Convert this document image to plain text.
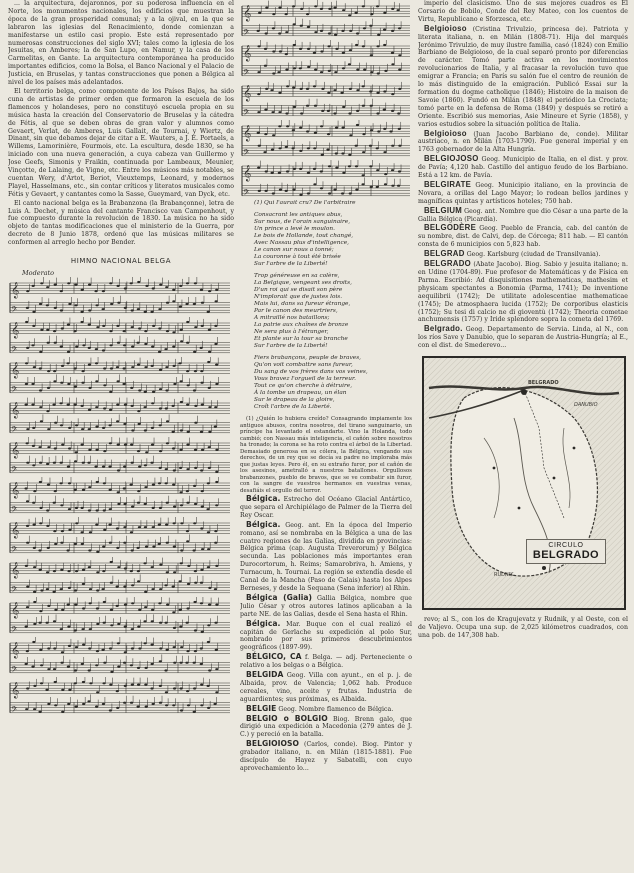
... la arquitectura, dejaronnos, por su poderosa influencia en el Norte, los monumentos nacionales, los edificios que muestran la época de la gran prosperidad comunal; y a la ojival, en la que se labraron las iglesias del Renacimiento, donde comienzan a manifestarse un estilo casi propio. Este está representado por numerosas construcciones del siglo XVI; tales como la iglesia de los Jesuitas, en Amberes; la de San Lupo, en Namur, y la casa de los Carmelitas, en Gante. La arquitectura contemporánea ha producido importantes edificios, como la Bolsa, el Banco Nacional y el Palacio de Justicia, en Bruselas, y tantas construcciones que ponen a Bélgica al nivel de los países más adelantados.

El territorio belga, como componente de los Países Bajos, ha sido cuna de artistas de primer orden que formaron la escuela de los flamencos y holandeses, pero no constituyó escuela propia en su música hasta la creación del Conservatorio de Bruselas y la cátedra de Fétis, al que se deben obras de gran valor y alumnos como Gevaert, Verlat, de Amberes, Luis Gallait, de Tournai, y Wiertz, de Dinant, sin que debamos dejar de citar a E. Wauters, a J. E. Portaels, a Willems, Lamorinière, Fourmois, etc. La escultura, desde 1830, se ha iniciado con una nueva generación, a cuya cabeza van Guillermo y Jose Geefs, Simonis y Fraikin, continuada por Lambeaux, Meunier, Vinçotte, de Lalaing, de Vigne, etc. Entre los músicos más notables, se cuentan Wery, d'Artot, Beriot, Vieuxtemps, Leonard, y modernos Playel, Hasselmans, etc., sin contar críticos y literatos musicales como Fétis y Gevaert, y cantantes como la Sasse, Gueymard, van Dyck, etc.

El canto nacional belga es la Brabanzona (la Brabançonne), letra de Luis A. Dechet, y música del cantante Francisco van Campenhout, y fue compuesto durante la revolución de 1830. La música no ha sido objeto de tantas modificaciones que el ministerio de la Guerra, por decreto de 8 Junio 1878, ordenó que las músicas militares se conformen al arreglo hecho por Bender.

HIMNO NACIONAL BELGA
Moderato
𝄞
𝄢
𝄞
𝄢
𝄞
𝄢
𝄞
𝄢
𝄞
𝄢
𝄞
𝄢
𝄞
𝄢
𝄞
𝄢
𝄞
𝄢
𝄞
𝄢
𝄞
𝄢
𝄞
𝄢
𝄞
𝄢
𝄞
𝄢
𝄞
𝄢
𝄞
𝄢
(1) Qui l'aurait cru? De l'arbitraire
Consacrant les antiques abus,
Sur nous, de l'orain sanguinaire,
Un prince a levé le moulon.
Le bois de Hollande, tout changé,
Avec Nassau plus d'intelligence,
Le canon sur nous a tonné;
La couronne à tout été brisée
Sur l'arbre de la Liberté!
Trop généreuse en sa colère,
La Belgique, vengeant ses droits,
D'un roi qui se disait son père
N'implorait que de justes lois.
Mais lui, dans sa fureur étrange,
Par le canon des meurtriers,
A mitraillé nos bataillons;
La patrie aux chaînes de bronze
Ne sera plus à l'étranger,
Et plante sur la tour sa branche
Sur l'arbre de la Liberté!
Fiers brabançons, peuple de braves,
Qu'on voit combattre sans fureur,
Du sang de vos frères dans vos veines,
Vous bravez l'orgueil de la terreur.
Tout ce qu'on cherche à détruire,
À la tombe un drapeau, un élan
Sur le drapeau de la gloire,
Croît l'arbre de la Liberté.

(1) ¿Quién lo hubiera creído? Consagrando impiamente los antiguos abusos, contra nosotros, del tirano sanguinario, un príncipe ha levantado el estandarte. Vino la Holanda, todo cambió; con Nassau más inteligencia, el cañón sobre nosotros ha tronado; la corona se ha roto contra el árbol de la Libertad. Demasiado generosa en su cólera, la Bélgica, vengando sus derechos, de un rey que se decía su padre no imploraba más que justas leyes. Pero él, en su extraño furor, por el cañón de los asesinos, ametralló a nuestros batallones. Orgullosos brabanzones, pueblo de bravos, que se ve combatir sin furor, con la sangre de vuestros hermanos en vuestras venas, desafiáis el orgullo del terror.

Bélgica. Estrecho del Océano Glacial Antártico, que separa el Archipiélago de Palmer de la Tierra del Rey Oscar.

Bélgica. Geog. ant. En la época del Imperio romano, así se nombraba en la Bélgica a una de las cuatro regiones de las Galias, dividida en provincias: Bélgica prima (cap. Augusta Treverorum) y Bélgica secunda. Las poblaciones más importantes eran Durocortorum, h. Reims; Samarobriva, h. Amiens, y Turnacum, h. Tournai. La región se extendía desde el Canal de la Mancha (Paso de Calais) hasta los Alpes Berneses, y desde la Sequana (Sena inferior) al Rhin.

Bélgica (Galia) Gallia Bélgica, nombre que Julio César y otros autores latinos aplicaban a la parte NE. de las Galias, desde el Sena hasta el Rhin.

Bélgica. Mar. Buque con el cual realizó el capitán de Gerlache su expedición al polo Sur, nombrado por sus primeros descubrimientos geográficos (1897-99).

BÉLGICO, CA f. Belga. — adj. Perteneciente o relativo a los belgas o a Bélgica.

BELGIDA Geog. Villa con ayunt., en el p. j. de Albaida, prov. de Valencia; 1,062 hab. Produce cereales, vino, aceite y frutas. Industria de aguardientes; sus próximas, es Albaida.

BELGIE Geog. Nombre flamenco de Bélgica.

BELGIO o BOLGIO Biog. Brenn galo, que dirigió una expedición a Macedonia (279 antes de J. C.) y pereció en la batalla.

BELGIOIOSO (Carlos, conde). Biog. Pintor y grabador italiano, n. en Milán (1815-1881). Fue discípulo de Hayez y Sabatelli, con cuyo aprovechamiento lo...

imperio del clasicismo. Uno de sus mejores cuadros es El Corsario de Bobilo, Conde del Rey Mateo, con los cuentos de Virtu, Republicano e Sforzesca, etc.

Belgioioso (Cristina Trivulzio, princesa de). Patriota y literata italiana, n. en Milán (1808-71). Hija del marqués Jerónimo Trivulzio, de muy ilustre familia, casó (1824) con Emilio Barbiano de Belgioioso, de la cual separó pronto por diferencias de carácter. Tomó parte activa en los movimientos revolucionarios de Italia, y al fracasar la revolución tuvo que emigrar a Francia; en París su salón fue el centro de reunión de lo más distinguido de la emigración. Publicó Essai sur la formation du dogme catholique (1846); Histoire de la maison de Savoie (1860). Fundó en Milán (1848) el periódico La Crociata; tomó parte en la defensa de Roma (1849) y después se retiró a Oriente. Escribió sus memorias, Asie Mineure et Syrie (1858), y varios estudios sobre la situación política de Italia.

Belgioioso (Juan Jacobo Barbiano de, conde). Militar austriaco, n. en Milán (1703-1790). Fue general imperial y en 1763 gobernador de la Alta Hungría.

BELGIOJOSO Geog. Municipio de Italia, en el dist. y prov. de Pavía; 4,120 hab. Castillo del antiguo feudo de los Barbiano. Está a 12 km. de Pavía.

BELGIRATE Geog. Municipio italiano, en la provincia de Novara, a orillas del Lago Mayor; lo rodean bellos jardines y magníficas quintas y artísticos hoteles; 750 hab.

BELGIUM Geog. ant. Nombre que dio César a una parte de la Gallia Bélgica (Picardía).

BELGODÈRE Geog. Pueblo de Francia, cab. del cantón de su nombre, dist. de Calvi, dep. de Córcega; 811 hab. — El cantón consta de 6 municipios con 5,823 hab.

BELGRAD Geog. Karlsburg (ciudad de Transilvania).

BELGRADO (Abate Jacobo). Biog. Sabio y jesuita italiano; n. en Udine (1704-89). Fue profesor de Matemáticas y de Física en Parma. Escribió: Ad disquisitiones mathematicas, mathesim et physicam spectantes a Bonomia (Parma, 1741); De inventione aequilibrii (1742); De utilitate adolescentiae mathematicae (1745); De atmosphaera lucida (1752); De corporibus elasticis (1752); Su tesi di calcio ne di gioventù (1742); Theoria cometae anchumensis (1757) y Iride splendore sopra la cometa del 1769.

Belgrado. Geog. Departamento de Servia. Linda, al N., con los ríos Save y Danubio, que lo separan de Austria-Hungría; al E., con el dist. de Smederevo...

BELGRADO
RUDNIK
DANUBIO
CIRCULO
BELGRADO

revo; al S., con los de Kragujevatz y Rudnik, y al Oeste, con el de Valjevo. Ocupa una sup. de 2,025 kilómetros cuadrados, con una pob. de 147,308 hab.
